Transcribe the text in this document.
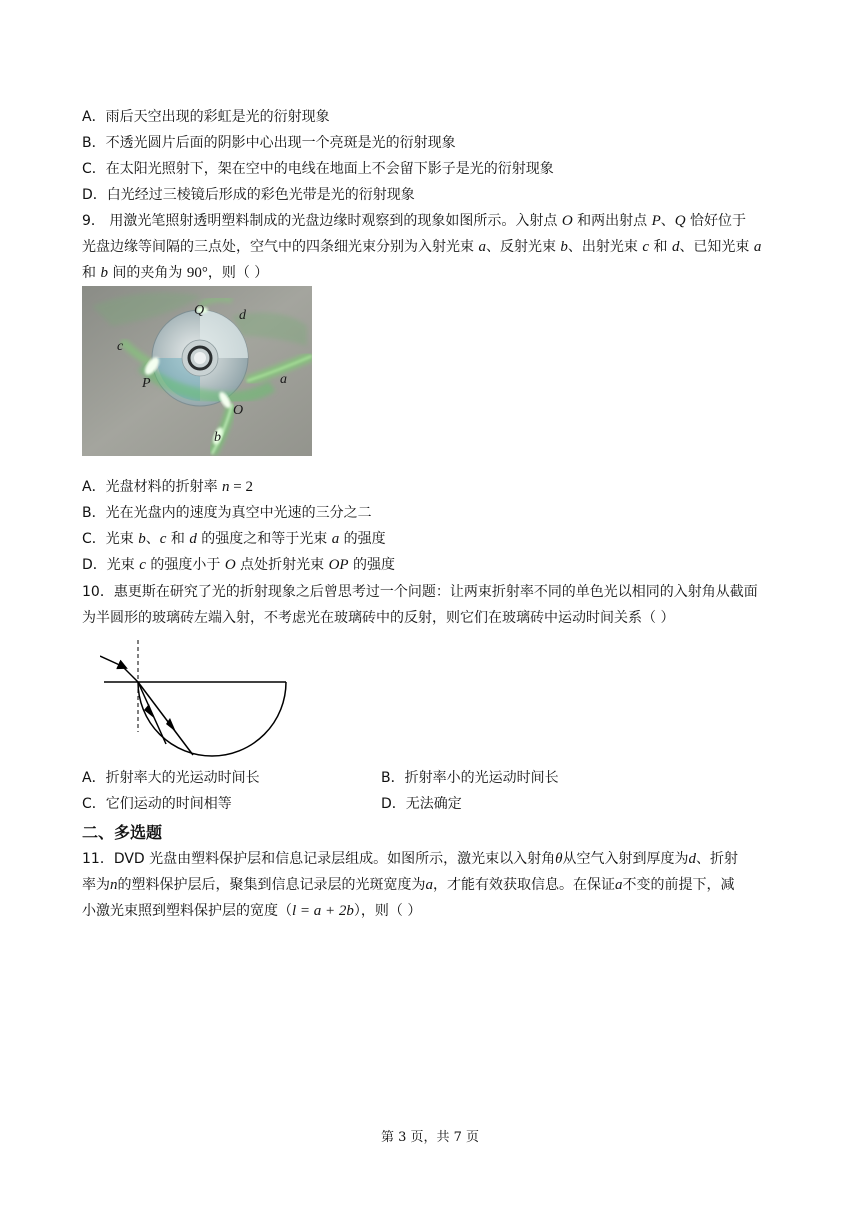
A．雨后天空出现的彩虹是光的衍射现象
B．不透光圆片后面的阴影中心出现一个亮斑是光的衍射现象
C．在太阳光照射下，架在空中的电线在地面上不会留下影子是光的衍射现象
D．白光经过三棱镜后形成的彩色光带是光的衍射现象
9． 用激光笔照射透明塑料制成的光盘边缘时观察到的现象如图所示。入射点 O 和两出射点 P、Q 恰好位于
光盘边缘等间隔的三点处，空气中的四条细光束分别为入射光束 a、反射光束 b、出射光束 c 和 d、已知光束 a
和 b 间的夹角为 90°，则（ ）
Q d
c
P	a
O
b
A．光盘材料的折射率 n = 2
B．光在光盘内的速度为真空中光速的三分之二
C．光束 b、c 和 d 的强度之和等于光束 a 的强度
D．光束 c 的强度小于 O 点处折射光束 OP 的强度
10．惠更斯在研究了光的折射现象之后曾思考过一个问题：让两束折射率不同的单色光以相同的入射角从截面
为半圆形的玻璃砖左端入射，不考虑光在玻璃砖中的反射，则它们在玻璃砖中运动时间关系（ ）
A．折射率大的光运动时间长	B．折射率小的光运动时间长
C．它们运动的时间相等	D．无法确定
二、多选题
11．DVD 光盘由塑料保护层和信息记录层组成。如图所示，激光束以入射角θ从空气入射到厚度为d、折射
率为n的塑料保护层后，聚集到信息记录层的光斑宽度为a，才能有效获取信息。在保证a不变的前提下，减
小激光束照到塑料保护层的宽度（l = a + 2b），则（ ）
第 3 页，共 7 页
